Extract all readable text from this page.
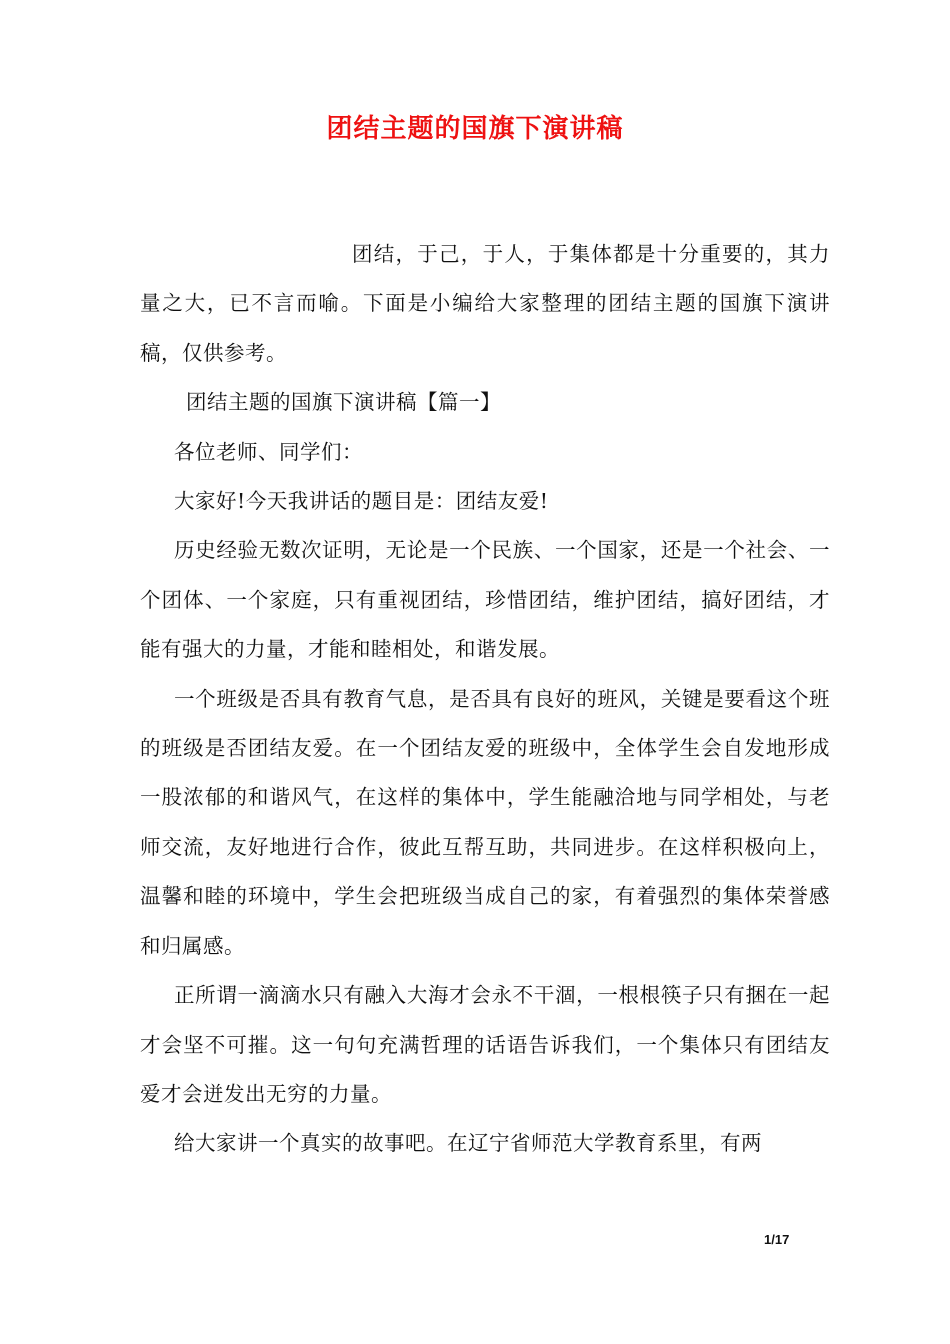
团结主题的国旗下演讲稿

团结，于己，于人，于集体都是十分重要的，其力量之大，已不言而喻。下面是小编给大家整理的团结主题的国旗下演讲稿，仅供参考。

团结主题的国旗下演讲稿【篇一】

各位老师、同学们：

大家好!今天我讲话的题目是：团结友爱!

历史经验无数次证明，无论是一个民族、一个国家，还是一个社会、一个团体、一个家庭，只有重视团结，珍惜团结，维护团结，搞好团结，才能有强大的力量，才能和睦相处，和谐发展。

一个班级是否具有教育气息，是否具有良好的班风，关键是要看这个班的班级是否团结友爱。在一个团结友爱的班级中，全体学生会自发地形成一股浓郁的和谐风气，在这样的集体中，学生能融洽地与同学相处，与老师交流，友好地进行合作，彼此互帮互助，共同进步。在这样积极向上，温馨和睦的环境中，学生会把班级当成自己的家，有着强烈的集体荣誉感和归属感。

正所谓一滴滴水只有融入大海才会永不干涸，一根根筷子只有捆在一起才会坚不可摧。这一句句充满哲理的话语告诉我们，一个集体只有团结友爱才会迸发出无穷的力量。

给大家讲一个真实的故事吧。在辽宁省师范大学教育系里，有两

1/17
